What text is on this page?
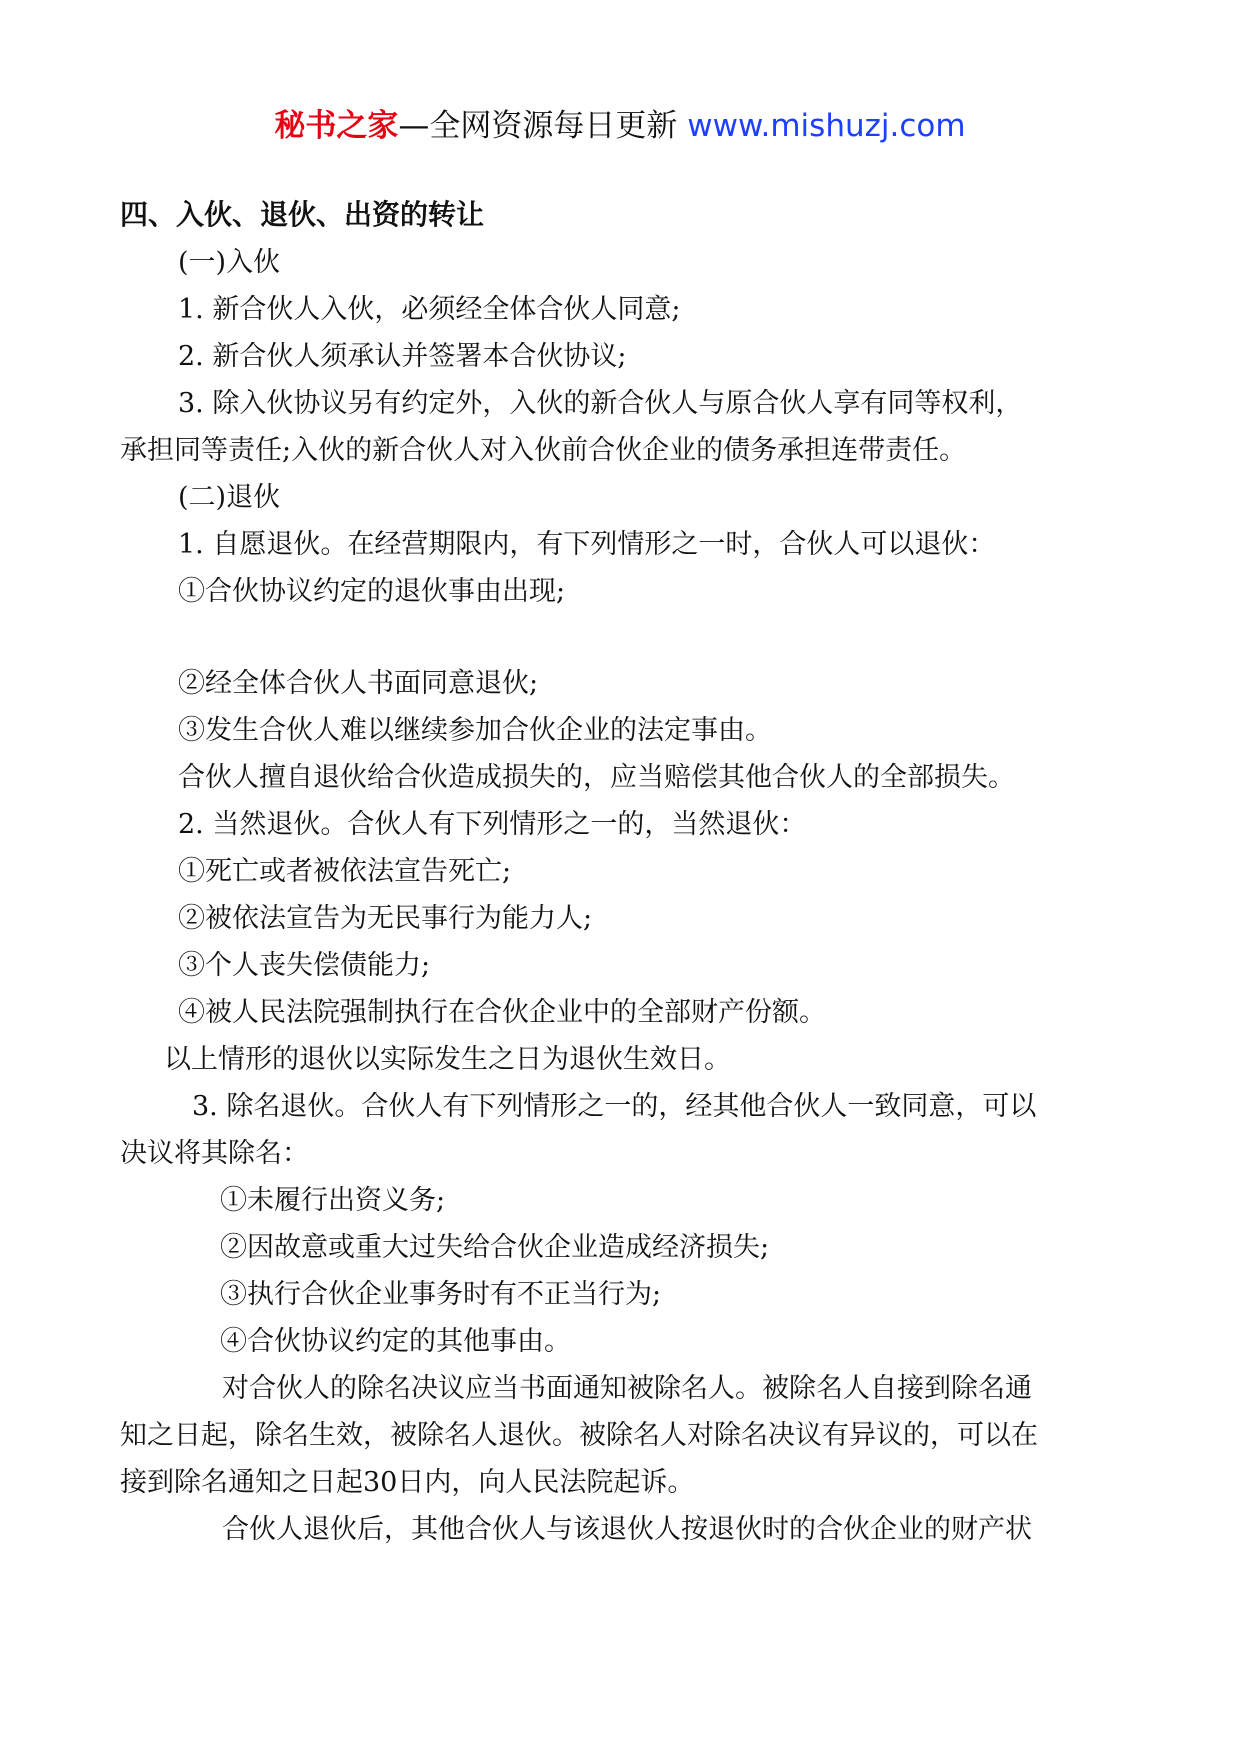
秘书之家—全网资源每日更新 www.mishuzj.com
四、入伙、退伙、出资的转让
(一)入伙
1. 新合伙人入伙，必须经全体合伙人同意;
2. 新合伙人须承认并签署本合伙协议;
3. 除入伙协议另有约定外，入伙的新合伙人与原合伙人享有同等权利，
承担同等责任;入伙的新合伙人对入伙前合伙企业的债务承担连带责任。
(二)退伙
1. 自愿退伙。在经营期限内，有下列情形之一时，合伙人可以退伙：
①合伙协议约定的退伙事由出现;
②经全体合伙人书面同意退伙;
③发生合伙人难以继续参加合伙企业的法定事由。
合伙人擅自退伙给合伙造成损失的，应当赔偿其他合伙人的全部损失。
2. 当然退伙。合伙人有下列情形之一的，当然退伙：
①死亡或者被依法宣告死亡;
②被依法宣告为无民事行为能力人;
③个人丧失偿债能力;
④被人民法院强制执行在合伙企业中的全部财产份额。
以上情形的退伙以实际发生之日为退伙生效日。
3. 除名退伙。合伙人有下列情形之一的，经其他合伙人一致同意，可以
决议将其除名：
①未履行出资义务;
②因故意或重大过失给合伙企业造成经济损失;
③执行合伙企业事务时有不正当行为;
④合伙协议约定的其他事由。
对合伙人的除名决议应当书面通知被除名人。被除名人自接到除名通
知之日起，除名生效，被除名人退伙。被除名人对除名决议有异议的，可以在
接到除名通知之日起30日内，向人民法院起诉。
合伙人退伙后，其他合伙人与该退伙人按退伙时的合伙企业的财产状
